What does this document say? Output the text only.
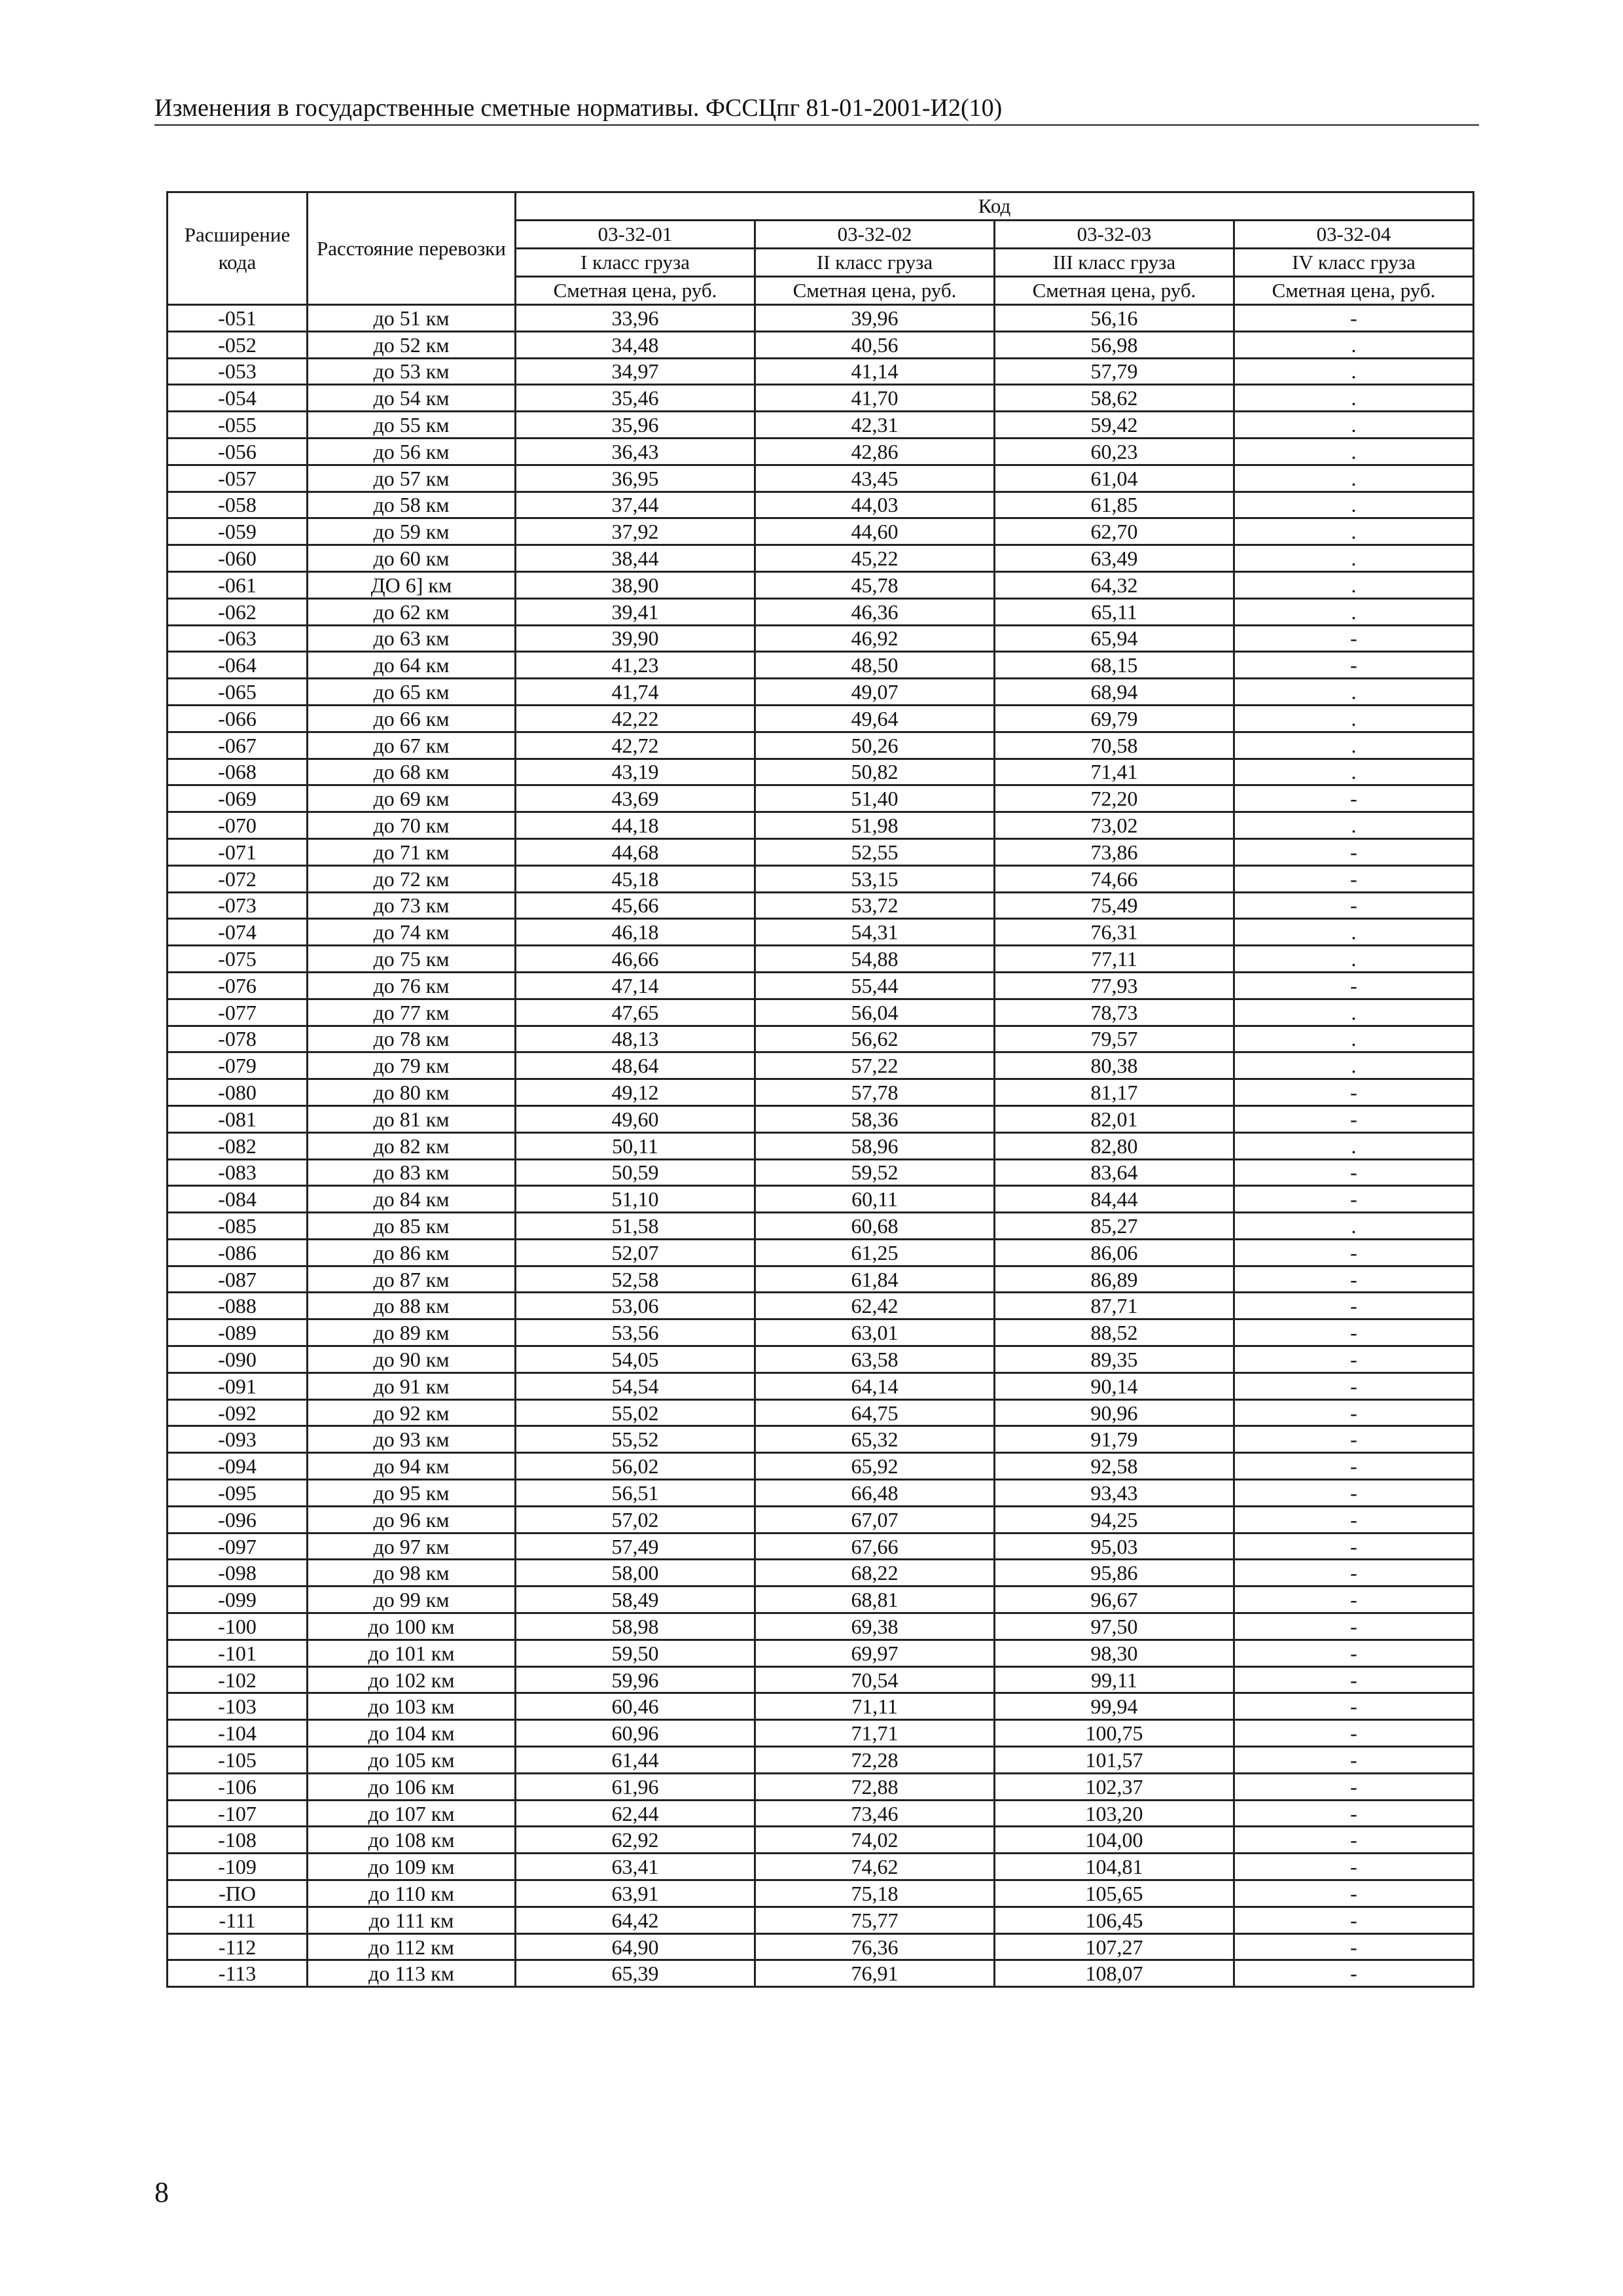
Изменения в государственные сметные нормативы. ФССЦпг 81-01-2001-И2(10)
Расширение кода	Расстояние перевозки	Код			
		03-32-01	03-32-02	03-32-03	03-32-04
		I класс груза	II класс груза	III класс груза	IV класс груза
		Сметная цена, руб.	Сметная цена, руб.	Сметная цена, руб.	Сметная цена, руб.
-051	до 51 км	33,96	39,96	56,16	-
-052	до 52 км	34,48	40,56	56,98	.
-053	до 53 км	34,97	41,14	57,79	.
-054	до 54 км	35,46	41,70	58,62	.
-055	до 55 км	35,96	42,31	59,42	.
-056	до 56 км	36,43	42,86	60,23	.
-057	до 57 км	36,95	43,45	61,04	.
-058	до 58 км	37,44	44,03	61,85	.
-059	до 59 км	37,92	44,60	62,70	.
-060	до 60 км	38,44	45,22	63,49	.
-061	ДО 6] км	38,90	45,78	64,32	.
-062	до 62 км	39,41	46,36	65,11	.
-063	до 63 км	39,90	46,92	65,94	-
-064	до 64 км	41,23	48,50	68,15	-
-065	до 65 км	41,74	49,07	68,94	.
-066	до 66 км	42,22	49,64	69,79	.
-067	до 67 км	42,72	50,26	70,58	.
-068	до 68 км	43,19	50,82	71,41	.
-069	до 69 км	43,69	51,40	72,20	-
-070	до 70 км	44,18	51,98	73,02	.
-071	до 71 км	44,68	52,55	73,86	-
-072	до 72 км	45,18	53,15	74,66	-
-073	до 73 км	45,66	53,72	75,49	-
-074	до 74 км	46,18	54,31	76,31	.
-075	до 75 км	46,66	54,88	77,11	.
-076	до 76 км	47,14	55,44	77,93	-
-077	до 77 км	47,65	56,04	78,73	.
-078	до 78 км	48,13	56,62	79,57	.
-079	до 79 км	48,64	57,22	80,38	.
-080	до 80 км	49,12	57,78	81,17	-
-081	до 81 км	49,60	58,36	82,01	-
-082	до 82 км	50,11	58,96	82,80	.
-083	до 83 км	50,59	59,52	83,64	-
-084	до 84 км	51,10	60,11	84,44	-
-085	до 85 км	51,58	60,68	85,27	.
-086	до 86 км	52,07	61,25	86,06	-
-087	до 87 км	52,58	61,84	86,89	-
-088	до 88 км	53,06	62,42	87,71	-
-089	до 89 км	53,56	63,01	88,52	-
-090	до 90 км	54,05	63,58	89,35	-
-091	до 91 км	54,54	64,14	90,14	-
-092	до 92 км	55,02	64,75	90,96	-
-093	до 93 км	55,52	65,32	91,79	-
-094	до 94 км	56,02	65,92	92,58	-
-095	до 95 км	56,51	66,48	93,43	-
-096	до 96 км	57,02	67,07	94,25	-
-097	до 97 км	57,49	67,66	95,03	-
-098	до 98 км	58,00	68,22	95,86	-
-099	до 99 км	58,49	68,81	96,67	-
-100	до 100 км	58,98	69,38	97,50	-
-101	до 101 км	59,50	69,97	98,30	-
-102	до 102 км	59,96	70,54	99,11	-
-103	до 103 км	60,46	71,11	99,94	-
-104	до 104 км	60,96	71,71	100,75	-
-105	до 105 км	61,44	72,28	101,57	-
-106	до 106 км	61,96	72,88	102,37	-
-107	до 107 км	62,44	73,46	103,20	-
-108	до 108 км	62,92	74,02	104,00	-
-109	до 109 км	63,41	74,62	104,81	-
-ПО	до 110 км	63,91	75,18	105,65	-
-111	до 111 км	64,42	75,77	106,45	-
-112	до 112 км	64,90	76,36	107,27	-
-113	до 113 км	65,39	76,91	108,07	-
8
